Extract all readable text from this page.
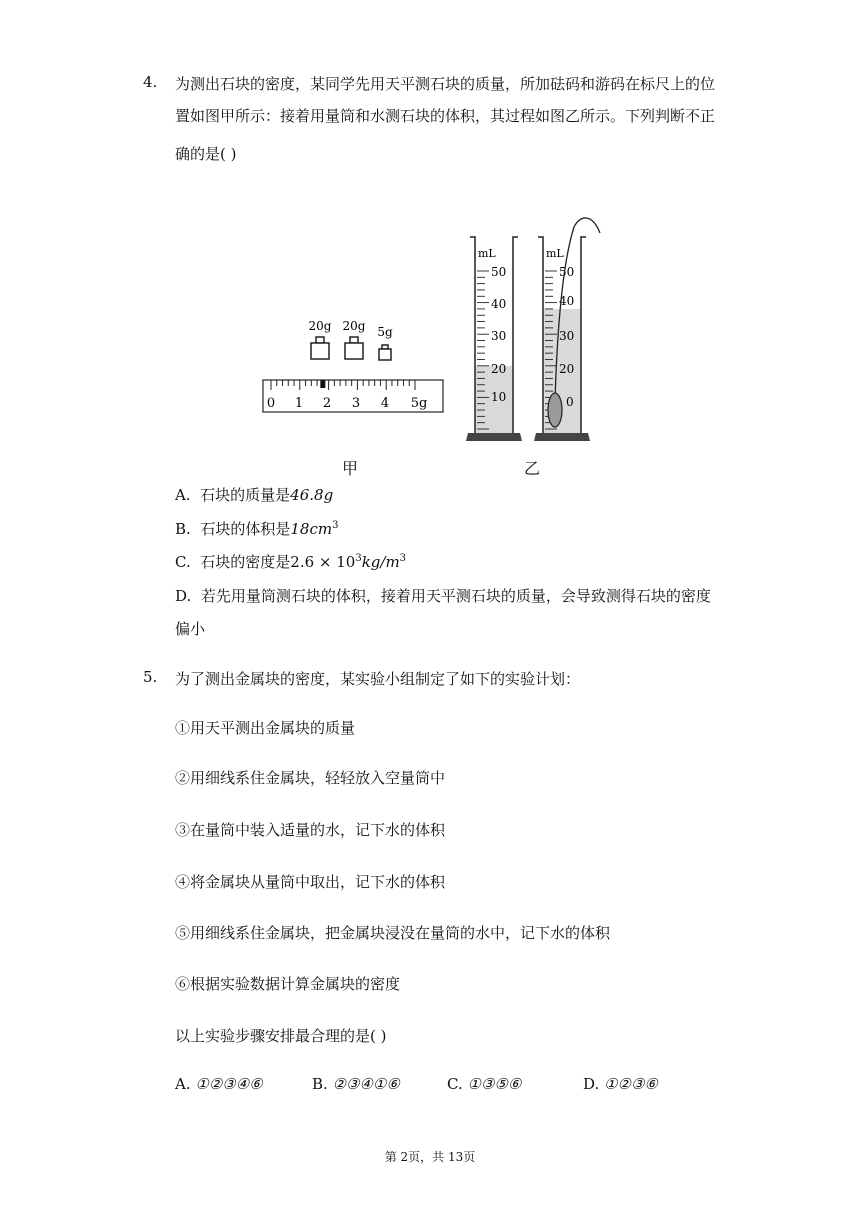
4. 为测出石块的密度，某同学先用天平测石块的质量，所加砝码和游码在标尺上的位
置如图甲所示：接着用量筒和水测石块的体积，其过程如图乙所示。下列判断不正
确的是( )
20g 20g 5g
0 1 2 3 4 5g
mL
50
40
30
20
10
mL
50
40
30
20
0
甲	乙
A. 石块的质量是46.8g
B. 石块的体积是$18cm^3$
C. 石块的密度是$2.6 \times 10^3kg/m^3$
D. 若先用量筒测石块的体积，接着用天平测石块的质量，会导致测得石块的密度
偏小
5. 为了测出金属块的密度，某实验小组制定了如下的实验计划：
①用天平测出金属块的质量
②用细线系住金属块，轻轻放入空量筒中
③在量筒中装入适量的水，记下水的体积
④将金属块从量筒中取出，记下水的体积
⑤用细线系住金属块，把金属块浸没在量筒的水中，记下水的体积
⑥根据实验数据计算金属块的密度
以上实验步骤安排最合理的是( )
A. ①②③④⑥	B. ②③④①⑥	C. ①③⑤⑥	D. ①②③⑥
第 2页，共 13页
